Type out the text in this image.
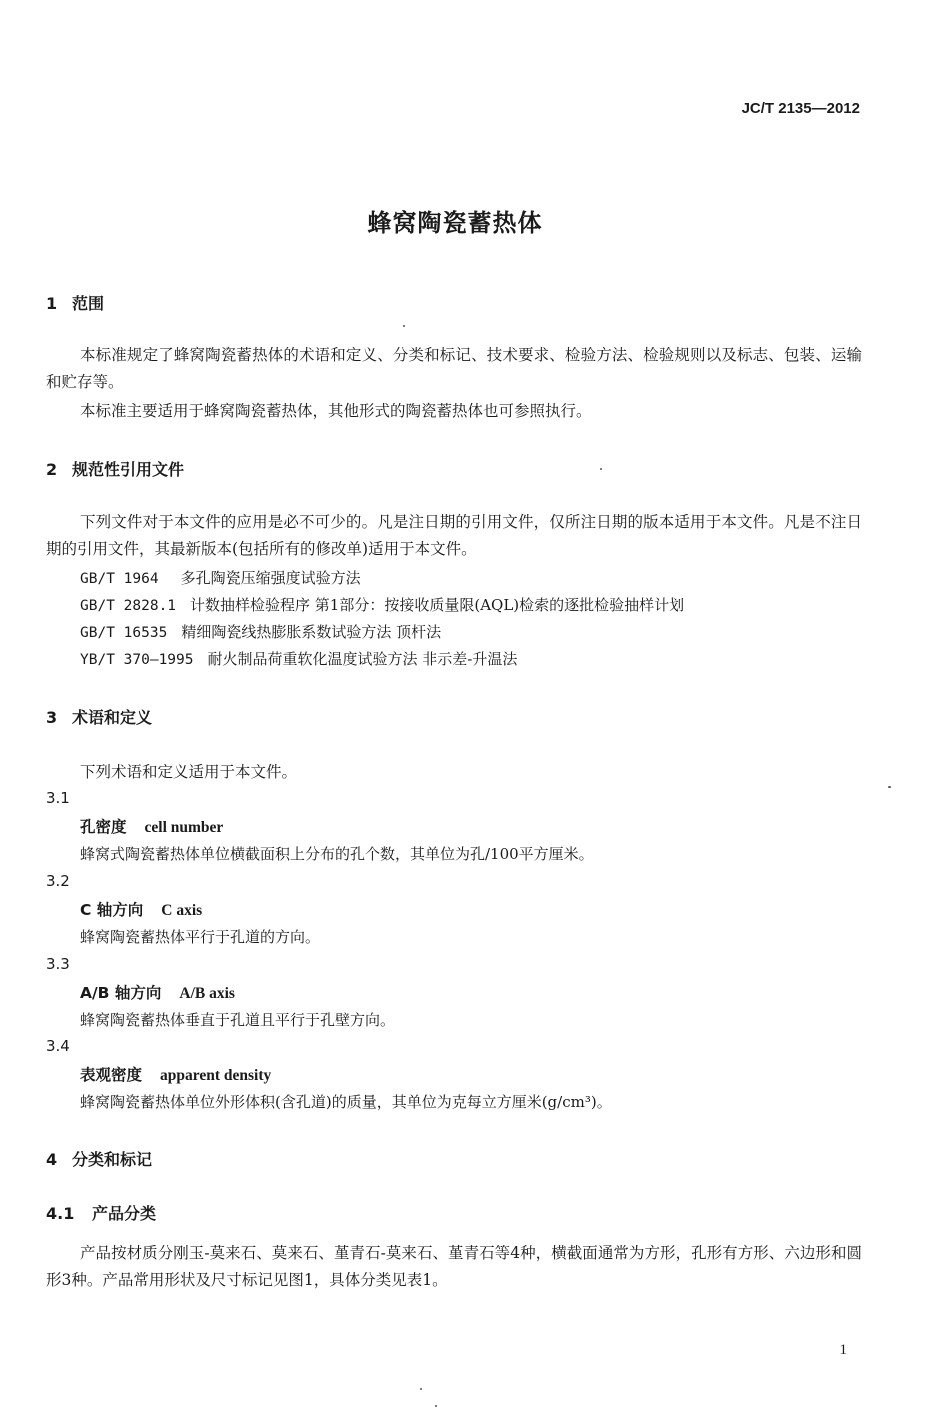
JC/T 2135—2012
蜂窝陶瓷蓄热体
1 范围
本标准规定了蜂窝陶瓷蓄热体的术语和定义、分类和标记、技术要求、检验方法、检验规则以及标志、包装、运输和贮存等。
本标准主要适用于蜂窝陶瓷蓄热体，其他形式的陶瓷蓄热体也可参照执行。
2 规范性引用文件
下列文件对于本文件的应用是必不可少的。凡是注日期的引用文件，仅所注日期的版本适用于本文件。凡是不注日期的引用文件，其最新版本(包括所有的修改单)适用于本文件。
GB/T 1964 多孔陶瓷压缩强度试验方法
GB/T 2828.1 计数抽样检验程序 第1部分：按接收质量限(AQL)检索的逐批检验抽样计划
GB/T 16535 精细陶瓷线热膨胀系数试验方法 顶杆法
YB/T 370—1995 耐火制品荷重软化温度试验方法 非示差-升温法
3 术语和定义
下列术语和定义适用于本文件。
3.1
孔密度 cell number
蜂窝式陶瓷蓄热体单位横截面积上分布的孔个数，其单位为孔/100平方厘米。
3.2
C 轴方向 C axis
蜂窝陶瓷蓄热体平行于孔道的方向。
3.3
A/B 轴方向 A/B axis
蜂窝陶瓷蓄热体垂直于孔道且平行于孔壁方向。
3.4
表观密度 apparent density
蜂窝陶瓷蓄热体单位外形体积(含孔道)的质量，其单位为克每立方厘米(g/cm³)。
4 分类和标记
4.1 产品分类
产品按材质分刚玉-莫来石、莫来石、堇青石-莫来石、堇青石等4种，横截面通常为方形，孔形有方形、六边形和圆形3种。产品常用形状及尺寸标记见图1，具体分类见表1。
1
